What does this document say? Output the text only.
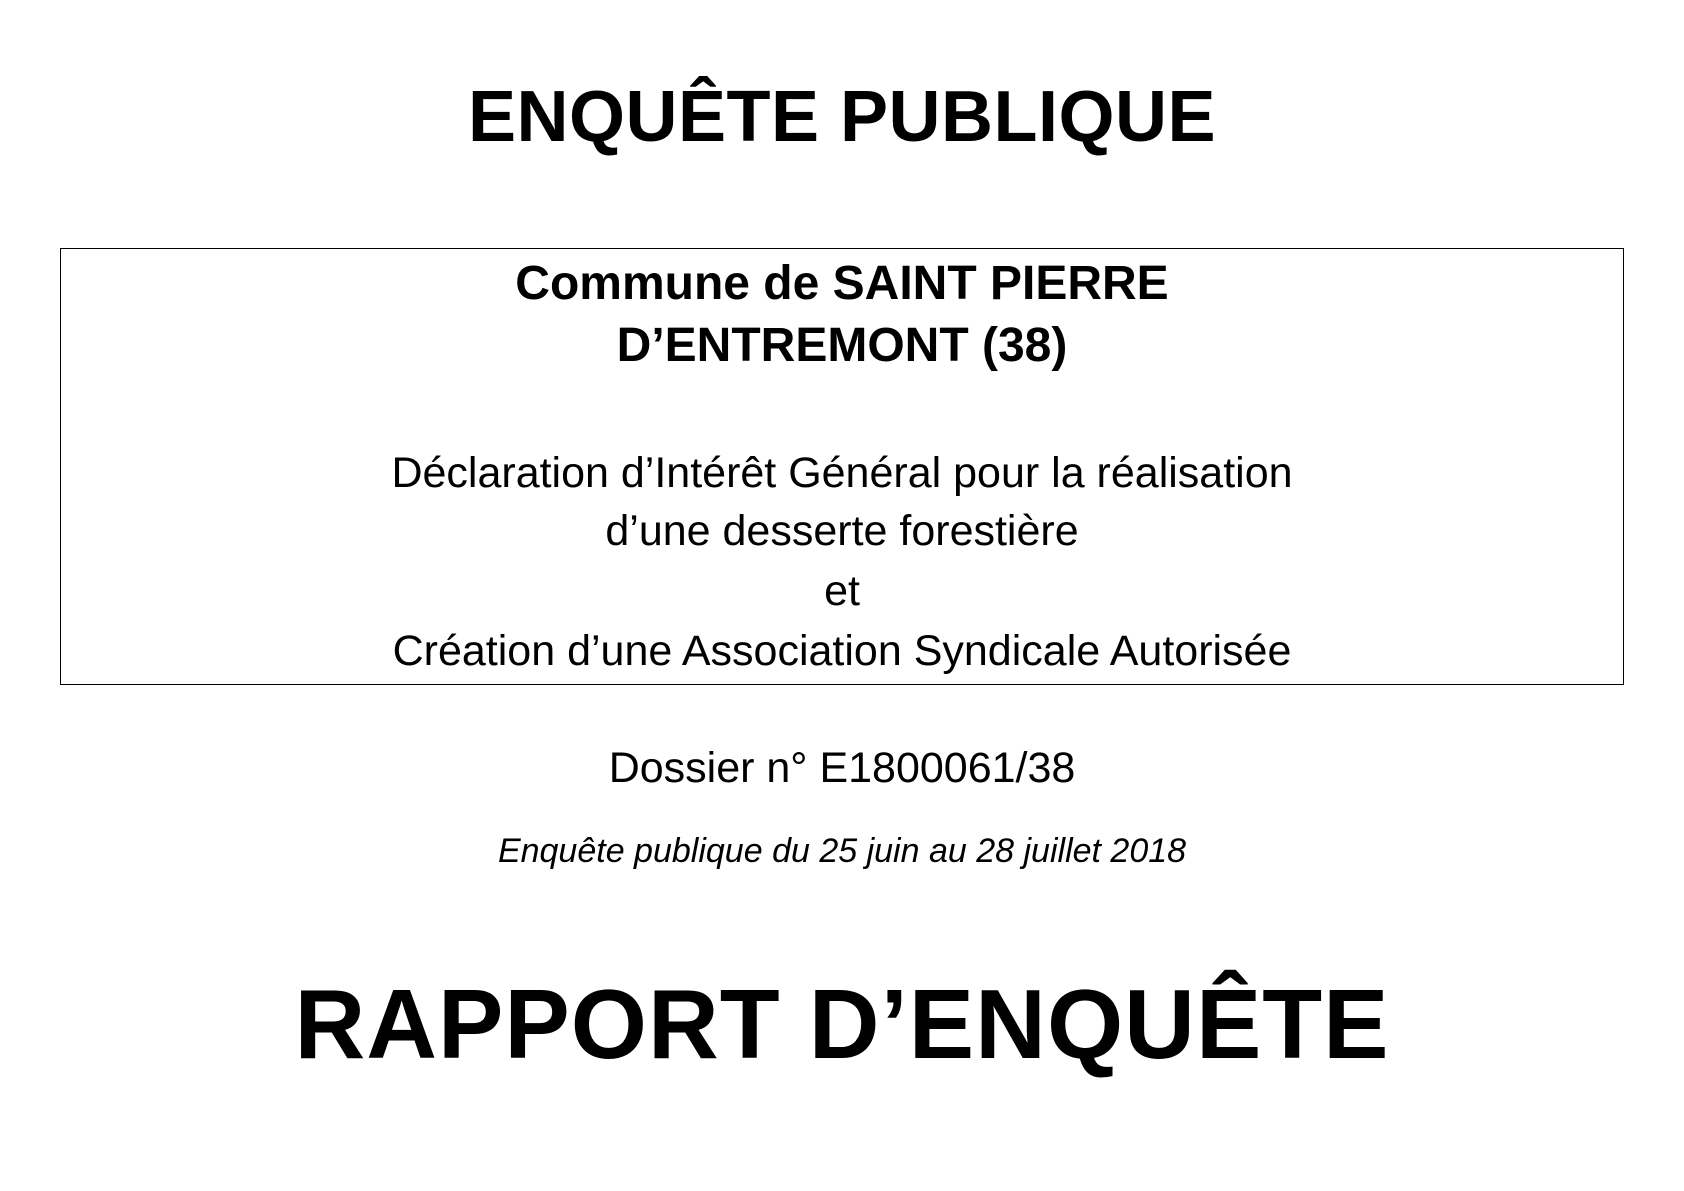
ENQUÊTE PUBLIQUE
Commune de SAINT PIERRE
D’ENTREMONT (38)
Déclaration d’Intérêt Général pour la réalisation
d’une desserte forestière
et
Création d’une Association Syndicale Autorisée
Dossier n° E1800061/38
Enquête publique du 25 juin au 28 juillet 2018
RAPPORT D’ENQUÊTE
